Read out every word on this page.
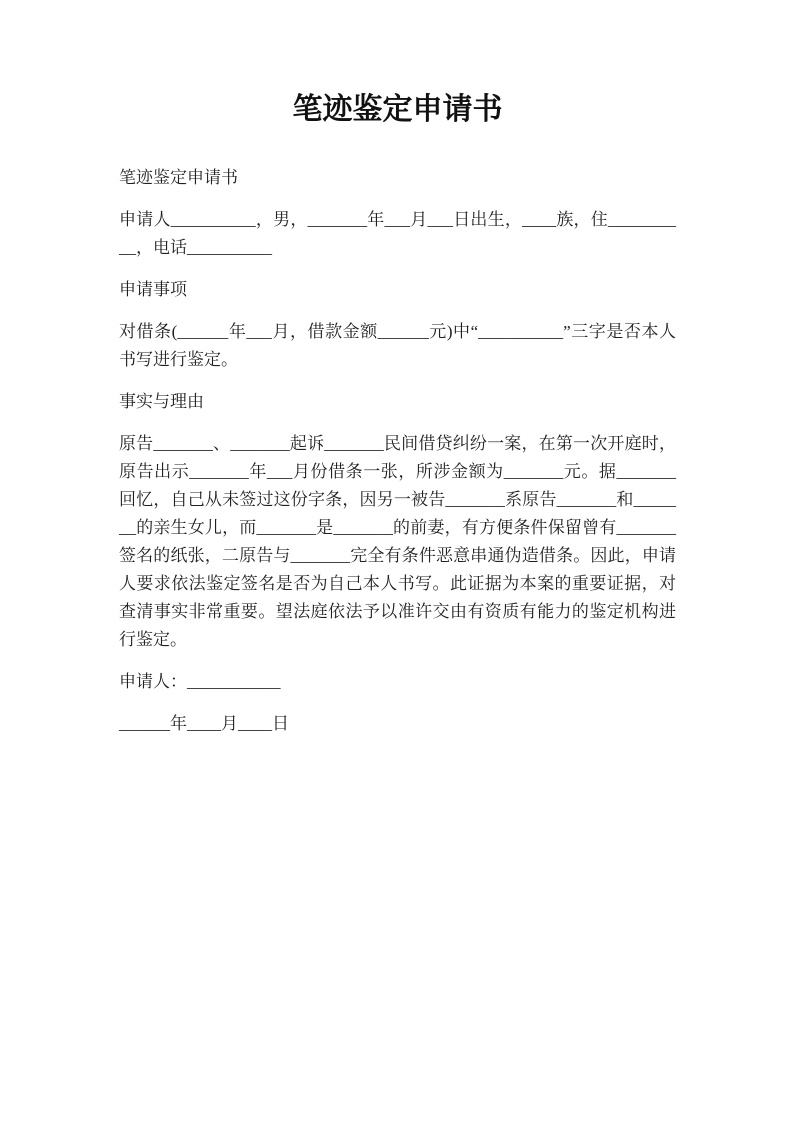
笔迹鉴定申请书

笔迹鉴定申请书

申请人__________，男，_______年___月___日出生，____族，住__________，电话__________

申请事项

对借条(______年___月，借款金额______元)中“__________”三字是否本人书写进行鉴定。

事实与理由

原告_______、_______起诉_______民间借贷纠纷一案，在第一次开庭时，原告出示_______年___月份借条一张，所涉金额为_______元。据_______回忆，自己从未签过这份字条，因另一被告_______系原告_______和_______的亲生女儿，而_______是_______的前妻，有方便条件保留曾有_______签名的纸张，二原告与_______完全有条件恶意串通伪造借条。因此，申请人要求依法鉴定签名是否为自己本人书写。此证据为本案的重要证据，对查清事实非常重要。望法庭依法予以准许交由有资质有能力的鉴定机构进行鉴定。

申请人：___________

______年____月____日
